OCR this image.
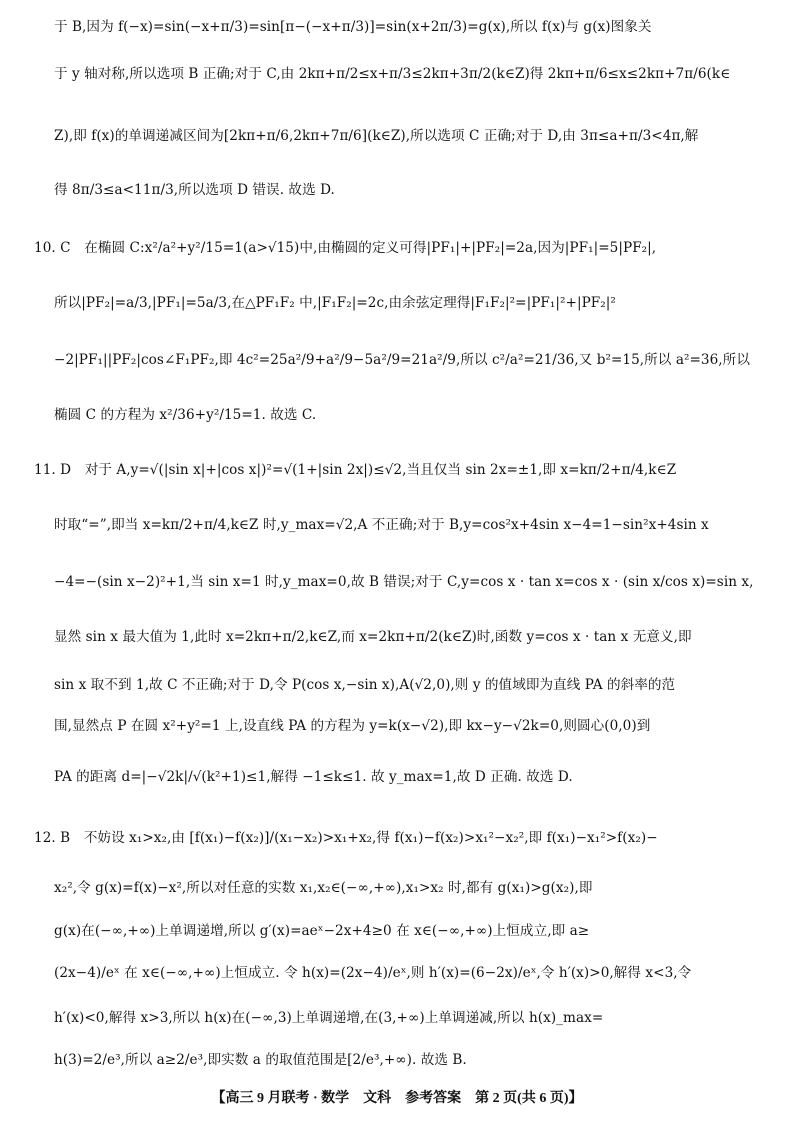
于 B,因为 f(−x)=sin(−x+π/3)=sin[π−(−x+π/3)]=sin(x+2π/3)=g(x),所以 f(x)与 g(x)图象关
于 y 轴对称,所以选项 B 正确;对于 C,由 2kπ+π/2≤x+π/3≤2kπ+3π/2(k∈Z)得 2kπ+π/6≤x≤2kπ+7π/6(k∈
Z),即 f(x)的单调递减区间为[2kπ+π/6,2kπ+7π/6](k∈Z),所以选项 C 正确;对于 D,由 3π≤a+π/3<4π,解
得 8π/3≤a<11π/3,所以选项 D 错误. 故选 D.
10. C　在椭圆 C:x²/a²+y²/15=1(a>√15)中,由椭圆的定义可得|PF₁|+|PF₂|=2a,因为|PF₁|=5|PF₂|,
所以|PF₂|=a/3,|PF₁|=5a/3,在△PF₁F₂ 中,|F₁F₂|=2c,由余弦定理得|F₁F₂|²=|PF₁|²+|PF₂|²
−2|PF₁||PF₂|cos∠F₁PF₂,即 4c²=25a²/9+a²/9−5a²/9=21a²/9,所以 c²/a²=21/36,又 b²=15,所以 a²=36,所以
椭圆 C 的方程为 x²/36+y²/15=1. 故选 C.
11. D　对于 A,y=√(|sin x|+|cos x|)²=√(1+|sin 2x|)≤√2,当且仅当 sin 2x=±1,即 x=kπ/2+π/4,k∈Z
时取“=”,即当 x=kπ/2+π/4,k∈Z 时,y_max=√2,A 不正确;对于 B,y=cos²x+4sin x−4=1−sin²x+4sin x
−4=−(sin x−2)²+1,当 sin x=1 时,y_max=0,故 B 错误;对于 C,y=cos x · tan x=cos x · (sin x/cos x)=sin x,
显然 sin x 最大值为 1,此时 x=2kπ+π/2,k∈Z,而 x=2kπ+π/2(k∈Z)时,函数 y=cos x · tan x 无意义,即
sin x 取不到 1,故 C 不正确;对于 D,令 P(cos x,−sin x),A(√2,0),则 y 的值域即为直线 PA 的斜率的范
围,显然点 P 在圆 x²+y²=1 上,设直线 PA 的方程为 y=k(x−√2),即 kx−y−√2k=0,则圆心(0,0)到
PA 的距离 d=|−√2k|/√(k²+1)≤1,解得 −1≤k≤1. 故 y_max=1,故 D 正确. 故选 D.
12. B　不妨设 x₁>x₂,由 [f(x₁)−f(x₂)]/(x₁−x₂)>x₁+x₂,得 f(x₁)−f(x₂)>x₁²−x₂²,即 f(x₁)−x₁²>f(x₂)−
x₂²,令 g(x)=f(x)−x²,所以对任意的实数 x₁,x₂∈(−∞,+∞),x₁>x₂ 时,都有 g(x₁)>g(x₂),即
g(x)在(−∞,+∞)上单调递增,所以 g′(x)=aeˣ−2x+4≥0 在 x∈(−∞,+∞)上恒成立,即 a≥
(2x−4)/eˣ 在 x∈(−∞,+∞)上恒成立. 令 h(x)=(2x−4)/eˣ,则 h′(x)=(6−2x)/eˣ,令 h′(x)>0,解得 x<3,令
h′(x)<0,解得 x>3,所以 h(x)在(−∞,3)上单调递增,在(3,+∞)上单调递减,所以 h(x)_max=
h(3)=2/e³,所以 a≥2/e³,即实数 a 的取值范围是[2/e³,+∞). 故选 B.
【高三 9 月联考 · 数学　文科　参考答案　第 2 页(共 6 页)】
